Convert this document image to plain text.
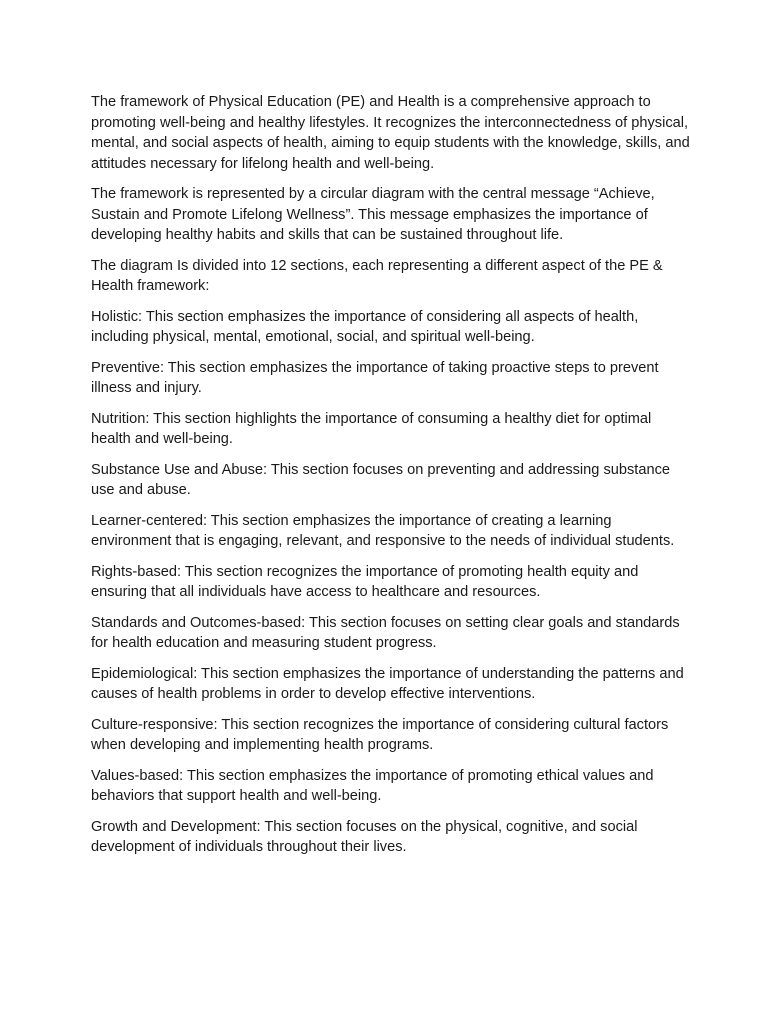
The framework of Physical Education (PE) and Health is a comprehensive approach to promoting well-being and healthy lifestyles. It recognizes the interconnectedness of physical, mental, and social aspects of health, aiming to equip students with the knowledge, skills, and attitudes necessary for lifelong health and well-being.

The framework is represented by a circular diagram with the central message “Achieve, Sustain and Promote Lifelong Wellness”. This message emphasizes the importance of developing healthy habits and skills that can be sustained throughout life.

The diagram Is divided into 12 sections, each representing a different aspect of the PE & Health framework:

Holistic: This section emphasizes the importance of considering all aspects of health, including physical, mental, emotional, social, and spiritual well-being.

Preventive: This section emphasizes the importance of taking proactive steps to prevent illness and injury.

Nutrition: This section highlights the importance of consuming a healthy diet for optimal health and well-being.

Substance Use and Abuse: This section focuses on preventing and addressing substance use and abuse.

Learner-centered: This section emphasizes the importance of creating a learning environment that is engaging, relevant, and responsive to the needs of individual students.

Rights-based: This section recognizes the importance of promoting health equity and ensuring that all individuals have access to healthcare and resources.

Standards and Outcomes-based: This section focuses on setting clear goals and standards for health education and measuring student progress.

Epidemiological: This section emphasizes the importance of understanding the patterns and causes of health problems in order to develop effective interventions.

Culture-responsive: This section recognizes the importance of considering cultural factors when developing and implementing health programs.

Values-based: This section emphasizes the importance of promoting ethical values and behaviors that support health and well-being.

Growth and Development: This section focuses on the physical, cognitive, and social development of individuals throughout their lives.
